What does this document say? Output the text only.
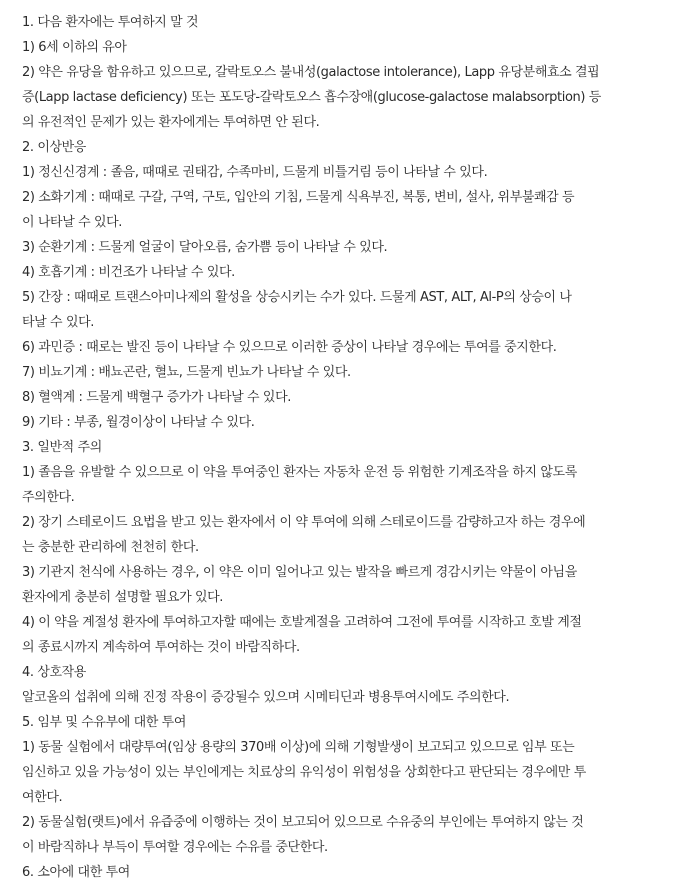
1. 다음 환자에는 투여하지 말 것
1) 6세 이하의 유아
2) 약은 유당을 함유하고 있으므로, 갈락토오스 불내성(galactose intolerance), Lapp 유당분해효소 결핍
증(Lapp lactase deficiency) 또는 포도당-갈락토오스 흡수장애(glucose-galactose malabsorption) 등
의 유전적인 문제가 있는 환자에게는 투여하면 안 된다.
2. 이상반응
1) 정신신경계 : 졸음, 때때로 권태감, 수족마비, 드물게 비틀거림 등이 나타날 수 있다.
2) 소화기계 : 때때로 구갈, 구역, 구토, 입안의 기침, 드물게 식욕부진, 복통, 변비, 설사, 위부불쾌감 등
이 나타날 수 있다.
3) 순환기계 : 드물게 얼굴이 달아오름, 숨가쁨 등이 나타날 수 있다.
4) 호흡기계 : 비건조가 나타날 수 있다.
5) 간장 : 때때로 트랜스아미나제의 활성을 상승시키는 수가 있다. 드물게 AST, ALT, Al-P의 상승이 나
타날 수 있다.
6) 과민증 : 때로는 발진 등이 나타날 수 있으므로 이러한 증상이 나타날 경우에는 투여를 중지한다.
7) 비뇨기계 : 배뇨곤란, 혈뇨, 드물게 빈뇨가 나타날 수 있다.
8) 혈액계 : 드물게 백혈구 증가가 나타날 수 있다.
9) 기타 : 부종, 월경이상이 나타날 수 있다.
3. 일반적 주의
1) 졸음을 유발할 수 있으므로 이 약을 투여중인 환자는 자동차 운전 등 위험한 기계조작을 하지 않도록
주의한다.
2) 장기 스테로이드 요법을 받고 있는 환자에서 이 약 투여에 의해 스테로이드를 감량하고자 하는 경우에
는 충분한 관리하에 천천히 한다.
3) 기관지 천식에 사용하는 경우, 이 약은 이미 일어나고 있는 발작을 빠르게 경감시키는 약물이 아님을
환자에게 충분히 설명할 필요가 있다.
4) 이 약을 계절성 환자에 투여하고자할 때에는 호발계절을 고려하여 그전에 투여를 시작하고 호발 계절
의 종료시까지 계속하여 투여하는 것이 바람직하다.
4. 상호작용
알코올의 섭취에 의해 진정 작용이 증강될수 있으며 시메티딘과 병용투여시에도 주의한다.
5. 임부 및 수유부에 대한 투여
1) 동물 실험에서 대량투여(임상 용량의 370배 이상)에 의해 기형발생이 보고되고 있으므로 임부 또는
임신하고 있을 가능성이 있는 부인에게는 치료상의 유익성이 위험성을 상회한다고 판단되는 경우에만 투
여한다.
2) 동물실험(랫트)에서 유즙중에 이행하는 것이 보고되어 있으므로 수유중의 부인에는 투여하지 않는 것
이 바람직하나 부득이 투여할 경우에는 수유를 중단한다.
6. 소아에 대한 투여
